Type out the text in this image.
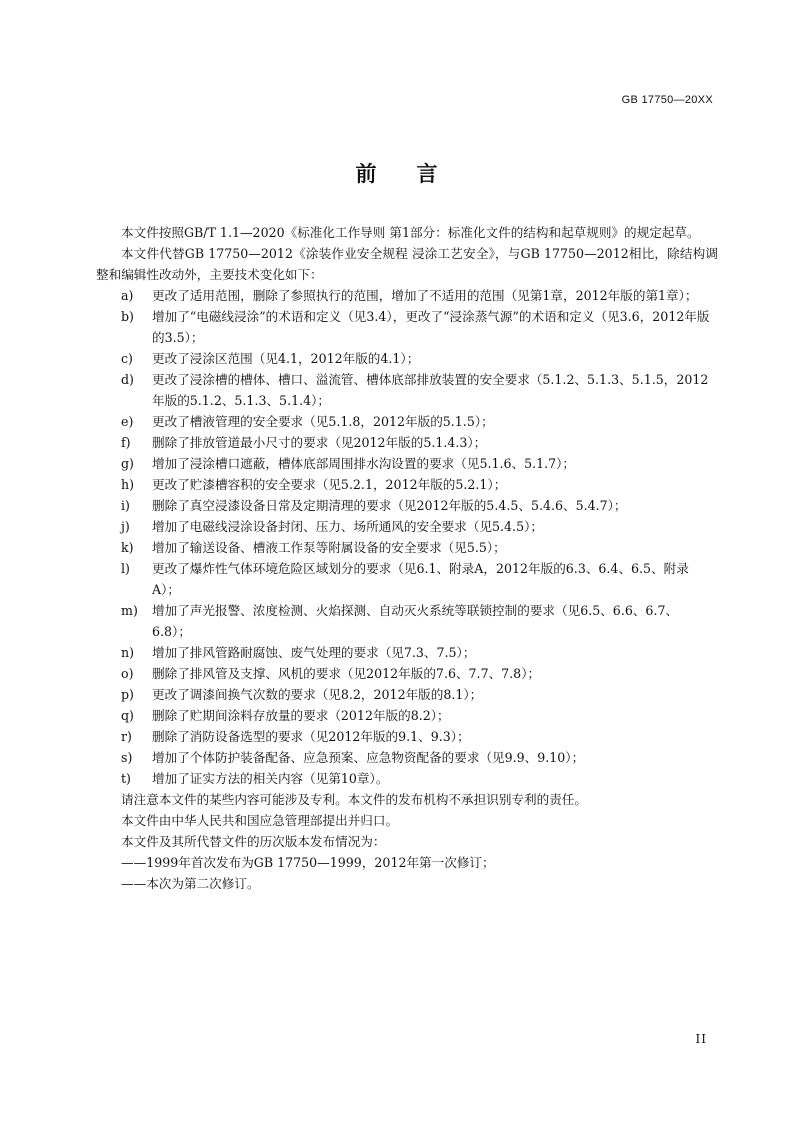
GB 17750—20XX
前言

本文件按照GB/T 1.1—2020《标准化工作导则 第1部分：标准化文件的结构和起草规则》的规定起草。

本文件代替GB 17750—2012《涂装作业安全规程 浸涂工艺安全》，与GB 17750—2012相比，除结构调整和编辑性改动外，主要技术变化如下：

a) 更改了适用范围，删除了参照执行的范围，增加了不适用的范围（见第1章，2012年版的第1章）；
b) 增加了“电磁线浸涂”的术语和定义（见3.4），更改了“浸涂蒸气源”的术语和定义（见3.6，2012年版的3.5）；
c) 更改了浸涂区范围（见4.1，2012年版的4.1）；
d) 更改了浸涂槽的槽体、槽口、溢流管、槽体底部排放装置的安全要求（5.1.2、5.1.3、5.1.5，2012年版的5.1.2、5.1.3、5.1.4）；
e) 更改了槽液管理的安全要求（见5.1.8，2012年版的5.1.5）；
f) 删除了排放管道最小尺寸的要求（见2012年版的5.1.4.3）；
g) 增加了浸涂槽口遮蔽，槽体底部周围排水沟设置的要求（见5.1.6、5.1.7）；
h) 更改了贮漆槽容积的安全要求（见5.2.1，2012年版的5.2.1）；
i) 删除了真空浸漆设备日常及定期清理的要求（见2012年版的5.4.5、5.4.6、5.4.7）；
j) 增加了电磁线浸涂设备封闭、压力、场所通风的安全要求（见5.4.5）；
k) 增加了输送设备、槽液工作泵等附属设备的安全要求（见5.5）；
l) 更改了爆炸性气体环境危险区域划分的要求（见6.1、附录A，2012年版的6.3、6.4、6.5、附录A）；
m) 增加了声光报警、浓度检测、火焰探测、自动灭火系统等联锁控制的要求（见6.5、6.6、6.7、6.8）；
n) 增加了排风管路耐腐蚀、废气处理的要求（见7.3、7.5）；
o) 删除了排风管及支撑、风机的要求（见2012年版的7.6、7.7、7.8）；
p) 更改了调漆间换气次数的要求（见8.2，2012年版的8.1）；
q) 删除了贮期间涂料存放量的要求（2012年版的8.2）；
r) 删除了消防设备选型的要求（见2012年版的9.1、9.3）；
s) 增加了个体防护装备配备、应急预案、应急物资配备的要求（见9.9、9.10）；
t) 增加了证实方法的相关内容（见第10章）。

请注意本文件的某些内容可能涉及专利。本文件的发布机构不承担识别专利的责任。

本文件由中华人民共和国应急管理部提出并归口。

本文件及其所代替文件的历次版本发布情况为：

——1999年首次发布为GB 17750—1999，2012年第一次修订；

——本次为第二次修订。

II
